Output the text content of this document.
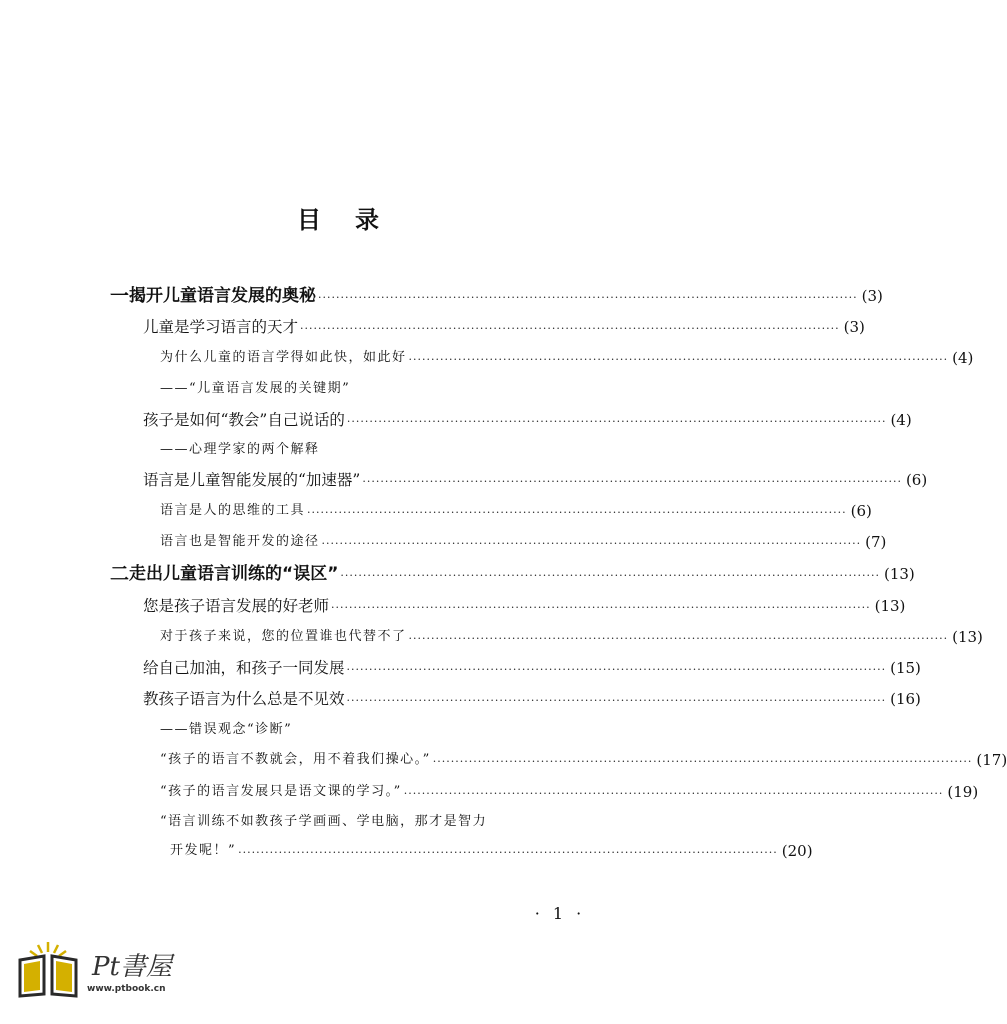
目录
一 揭开儿童语言发展的奥秘 ························································································································ (3)
儿童是学习语言的天才 ························································································································ (3)
为什么儿童的语言学得如此快，如此好 ························································································································ (4)
——“儿童语言发展的关键期”
孩子是如何“教会”自己说话的 ························································································································ (4)
——心理学家的两个解释
语言是儿童智能发展的“加速器” ························································································································ (6)
语言是人的思维的工具 ························································································································ (6)
语言也是智能开发的途径 ························································································································ (7)
二 走出儿童语言训练的“误区” ························································································································ (13)
您是孩子语言发展的好老师 ························································································································ (13)
对于孩子来说，您的位置谁也代替不了 ························································································································ (13)
给自己加油，和孩子一同发展 ························································································································ (15)
教孩子语言为什么总是不见效 ························································································································ (16)
——错误观念“诊断”
“孩子的语言不教就会，用不着我们操心。” ························································································································ (17)
“孩子的语言发展只是语文课的学习。” ························································································································ (19)
“语言训练不如教孩子学画画、学电脑，那才是智力
开发呢！” ························································································································ (20)
· 1 ·
Pt書屋
www.ptbook.cn
